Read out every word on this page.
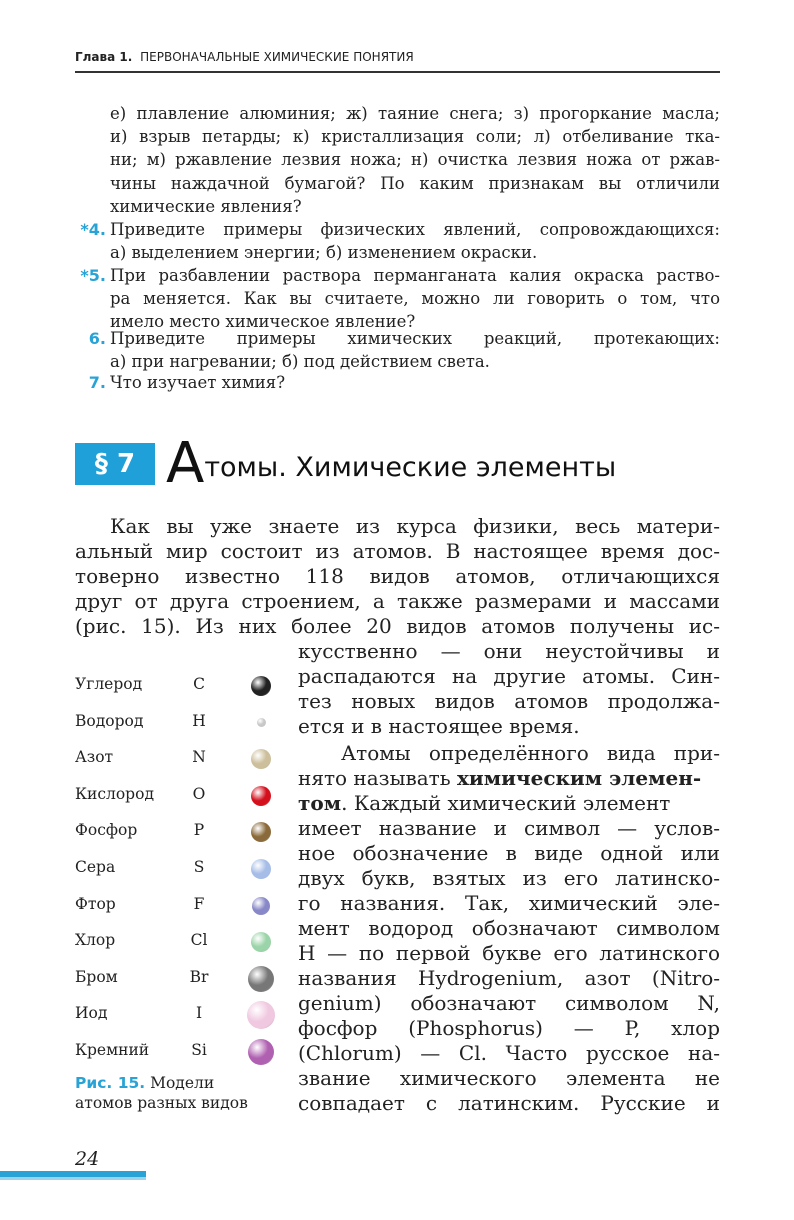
Глава 1. ПЕРВОНАЧАЛЬНЫЕ ХИМИЧЕСКИЕ ПОНЯТИЯ
е) плавление алюминия; ж) таяние снега; з) прогоркание масла;
и) взрыв петарды; к) кристаллизация соли; л) отбеливание тка-
ни; м) ржавление лезвия ножа; н) очистка лезвия ножа от ржав-
чины наждачной бумагой? По каким признакам вы отличили
химические явления?
*4. Приведите примеры физических явлений, сопровождающихся:
а) выделением энергии; б) изменением окраски.
*5. При разбавлении раствора перманганата калия окраска раство-
ра меняется. Как вы считаете, можно ли говорить о том, что
имело место химическое явление?
6. Приведите примеры химических реакций, протекающих:
а) при нагревании; б) под действием света.
7. Что изучает химия?
§ 7 Атомы. Химические элементы
Как вы уже знаете из курса физики, весь матери-
альный мир состоит из атомов. В настоящее время дос-
товерно известно 118 видов атомов, отличающихся
друг от друга строением, а также размерами и массами
(рис. 15). Из них более 20 видов атомов получены ис-
кусственно — они неустойчивы и
распадаются на другие атомы. Син-
тез новых видов атомов продолжа-
ется и в настоящее время.
Атомы определённого вида при-
нято называть химическим элемен-
том. Каждый химический элемент
имеет название и символ — услов-
ное обозначение в виде одной или
двух букв, взятых из его латинско-
го названия. Так, химический эле-
мент водород обозначают символом
H — по первой букве его латинского
названия Hydrogenium, азот (Nitro-
genium) обозначают символом N,
фосфор (Phosphorus) — P, хлор
(Chlorum) — Cl. Часто русское на-
звание химического элемента не
совпадает с латинским. Русские и
Углерод	C
Водород	H
Азот	N
Кислород	O
Фосфор	P
Сера	S
Фтор	F
Хлор	Cl
Бром	Br
Иод	I
Кремний	Si
Рис. 15. Модели
атомов разных видов
24
